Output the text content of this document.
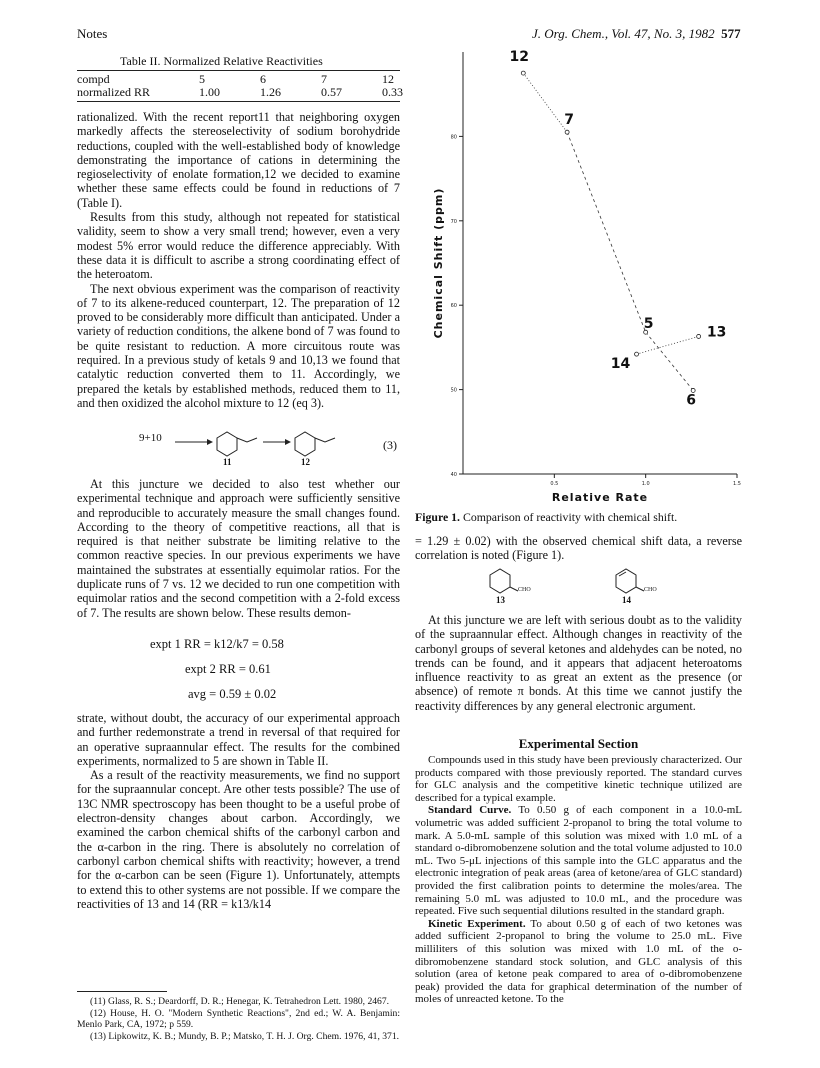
Notes	J. Org. Chem., Vol. 47, No. 3, 1982 577
Table II. Normalized Relative Reactivities
compd	5	6	7	12
normalized RR	1.00	1.26	0.57	0.33

rationalized. With the recent report11 that neighboring oxygen markedly affects the stereoselectivity of sodium borohydride reductions, coupled with the well-established body of knowledge demonstrating the importance of cations in determining the regioselectivity of enolate formation,12 we decided to examine whether these same effects could be found in reductions of 7 (Table I).

Results from this study, although not repeated for statistical validity, seem to show a very small trend; however, even a very modest 5% error would reduce the difference appreciably. With these data it is difficult to ascribe a strong coordinating effect of the heteroatom.

The next obvious experiment was the comparison of reactivity of 7 to its alkene-reduced counterpart, 12. The preparation of 12 proved to be considerably more difficult than anticipated. Under a variety of reduction conditions, the alkene bond of 7 was found to be quite resistant to reduction. A more circuitous route was required. In a previous study of ketals 9 and 10,13 we found that catalytic reduction converted them to 11. Accordingly, we prepared the ketals by established methods, reduced them to 11, and then oxidized the alcohol mixture to 12 (eq 3).

9+10
11	12
(3)

At this juncture we decided to also test whether our experimental technique and approach were sufficiently sensitive and reproducible to accurately measure the small changes found. According to the theory of competitive reactions, all that is required is that neither substrate be limiting relative to the common reactive species. In our previous experiments we have maintained the substrates at essentially equimolar ratios. For the duplicate runs of 7 vs. 12 we decided to run one competition with equimolar ratios and the second competition with a 2-fold excess of 7. The results are shown below. These results demon-

expt 1 RR = k12/k7 = 0.58
expt 2 RR = 0.61
avg = 0.59 ± 0.02

strate, without doubt, the accuracy of our experimental approach and further redemonstrate a trend in reversal of that required for an operative supraannular effect. The results for the combined experiments, normalized to 5 are shown in Table II.

As a result of the reactivity measurements, we find no support for the supraannular concept. Are other tests possible? The use of 13C NMR spectroscopy has been thought to be a useful probe of electron-density changes about carbon. Accordingly, we examined the carbon chemical shifts of the carbonyl carbon and the α-carbon in the ring. There is absolutely no correlation of carbonyl carbon chemical shifts with reactivity; however, a trend for the α-carbon can be seen (Figure 1). Unfortunately, attempts to extend this to other systems are not possible. If we compare the reactivities of 13 and 14 (RR = k13/k14

(11) Glass, R. S.; Deardorff, D. R.; Henegar, K. Tetrahedron Lett. 1980, 2467.

(12) House, H. O. "Modern Synthetic Reactions", 2nd ed.; W. A. Benjamin: Menlo Park, CA, 1972; p 559.

(13) Lipkowitz, K. B.; Mundy, B. P.; Matsko, T. H. J. Org. Chem. 1976, 41, 371.

40
50
60
70
80
0.5	1.0	1.5
Relative Rate
Chemical Shift (ppm)
12
7
5
6
14
13
Figure 1. Comparison of reactivity with chemical shift.

= 1.29 ± 0.02) with the observed chemical shift data, a reverse correlation is noted (Figure 1).

CHO	CHO
13	14

At this juncture we are left with serious doubt as to the validity of the supraannular effect. Although changes in reactivity of the carbonyl groups of several ketones and aldehydes can be noted, no trends can be found, and it appears that adjacent heteroatoms influence reactivity to as great an extent as the presence (or absence) of remote π bonds. At this time we cannot justify the reactivity differences by any general electronic argument.

Experimental Section

Compounds used in this study have been previously characterized. Our products compared with those previously reported. The standard curves for GLC analysis and the competitive kinetic technique utilized are described for a typical example.

Standard Curve. To 0.50 g of each component in a 10.0-mL volumetric was added sufficient 2-propanol to bring the total volume to mark. A 5.0-mL sample of this solution was mixed with 1.0 mL of a standard o-dibromobenzene solution and the total volume adjusted to 10.0 mL. Two 5-μL injections of this sample into the GLC apparatus and the electronic integration of peak areas (area of ketone/area of GLC standard) provided the first calibration points to determine the moles/area. The remaining 5.0 mL was adjusted to 10.0 mL, and the procedure was repeated. Five such sequential dilutions resulted in the standard graph.

Kinetic Experiment. To about 0.50 g of each of two ketones was added sufficient 2-propanol to bring the volume to 25.0 mL. Five milliliters of this solution was mixed with 1.0 mL of the o-dibromobenzene standard stock solution, and GLC analysis of this solution (area of ketone peak compared to area of o-dibromobenzene peak) provided the data for graphical determination of the number of moles of unreacted ketone. To the
